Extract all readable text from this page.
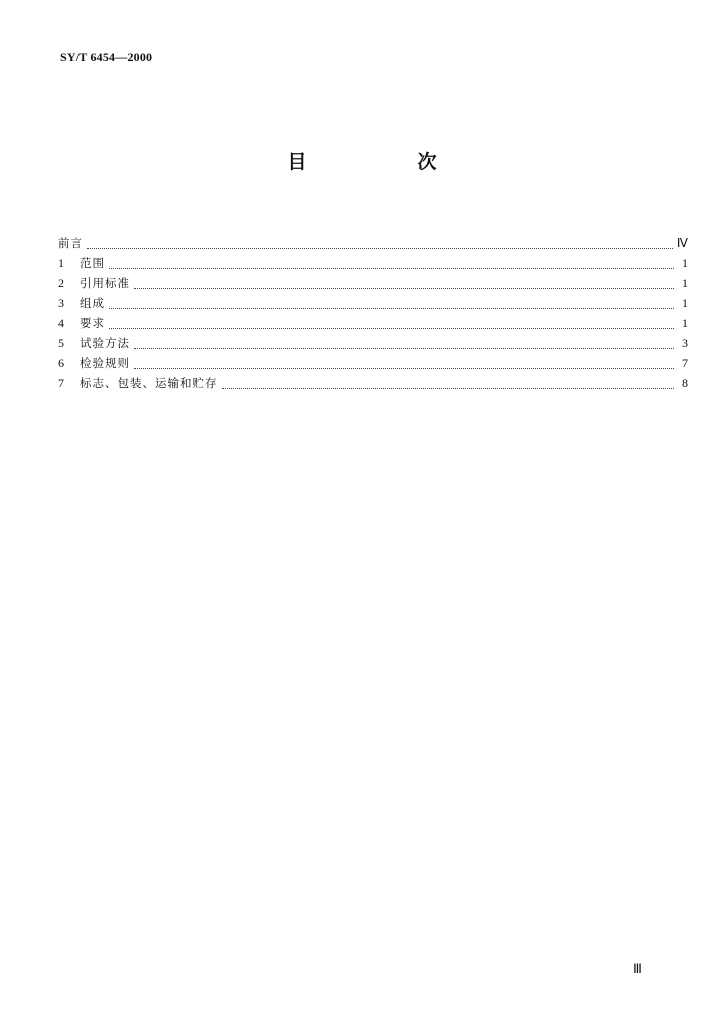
SY/T 6454—2000
目　次
前言	Ⅳ
1	范围	1
2	引用标准	1
3	组成	1
4	要求	1
5	试验方法	3
6	检验规则	7
7	标志、包装、运输和贮存	8
Ⅲ
